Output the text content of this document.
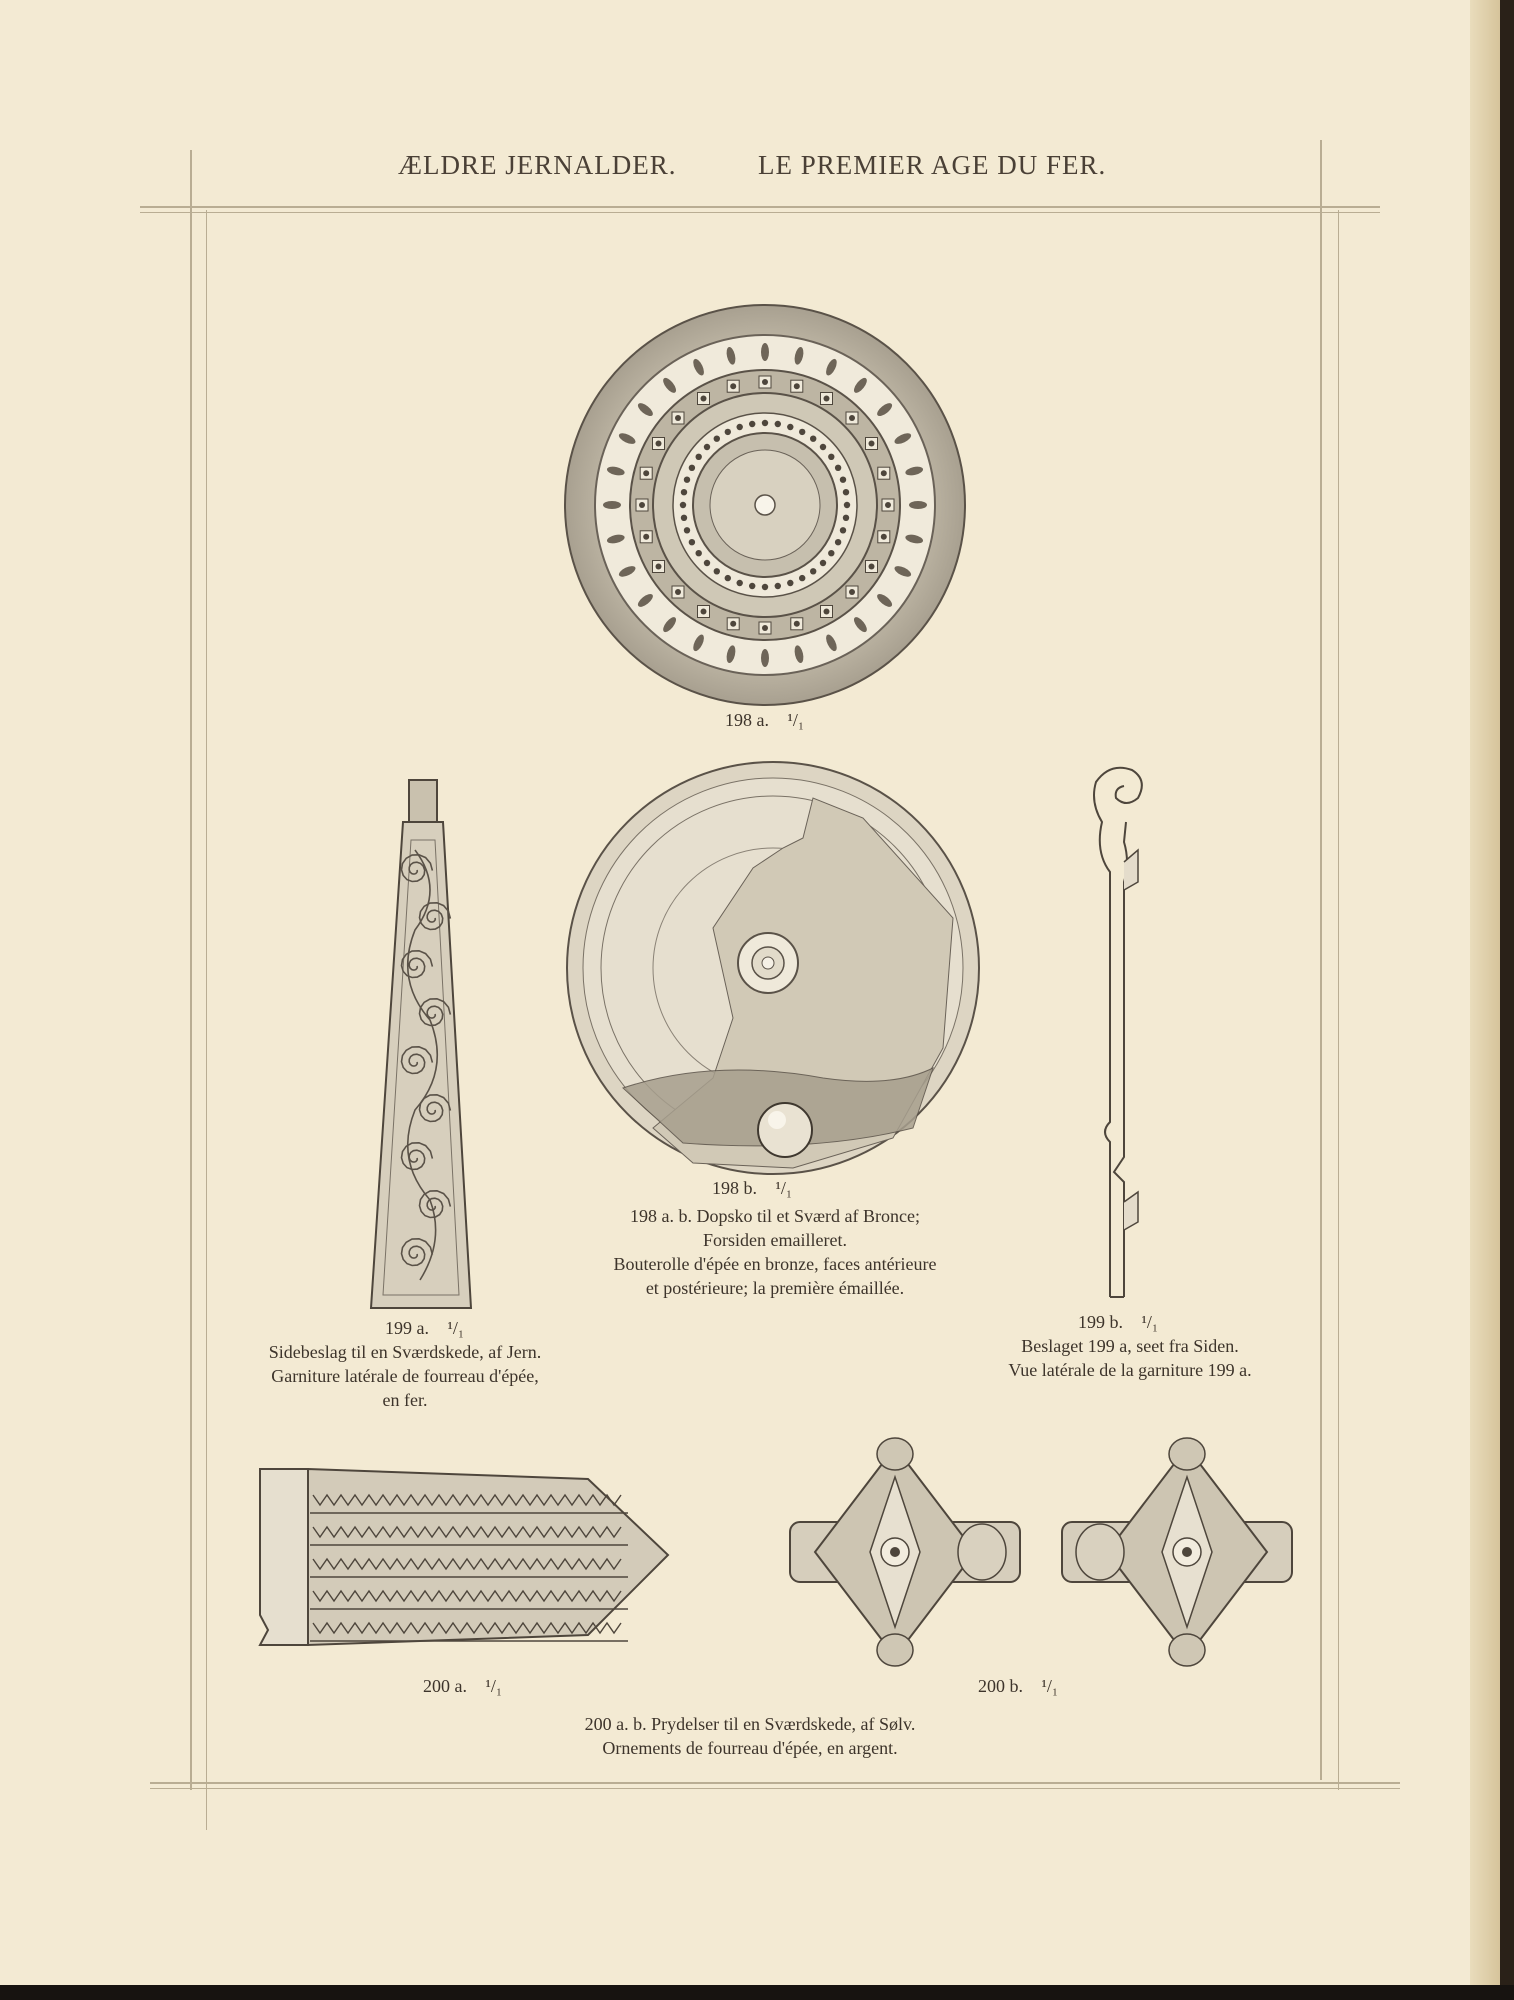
ÆLDRE JERNALDER.	LE PREMIER AGE DU FER.
198 a. ¹/₁
198 b. ¹/₁
198 a. b. Dopsko til et Sværd af Bronce;
Forsiden emailleret.
Bouterolle d'épée en bronze, faces antérieure
et postérieure; la première émaillée.
199 a. ¹/₁
Sidebeslag til en Sværdskede, af Jern.
Garniture latérale de fourreau d'épée,
en fer.
199 b. ¹/₁
Beslaget 199 a, seet fra Siden.
Vue latérale de la garniture 199 a.
200 a. ¹/₁	200 b. ¹/₁
200 a. b. Prydelser til en Sværdskede, af Sølv.
Ornements de fourreau d'épée, en argent.
